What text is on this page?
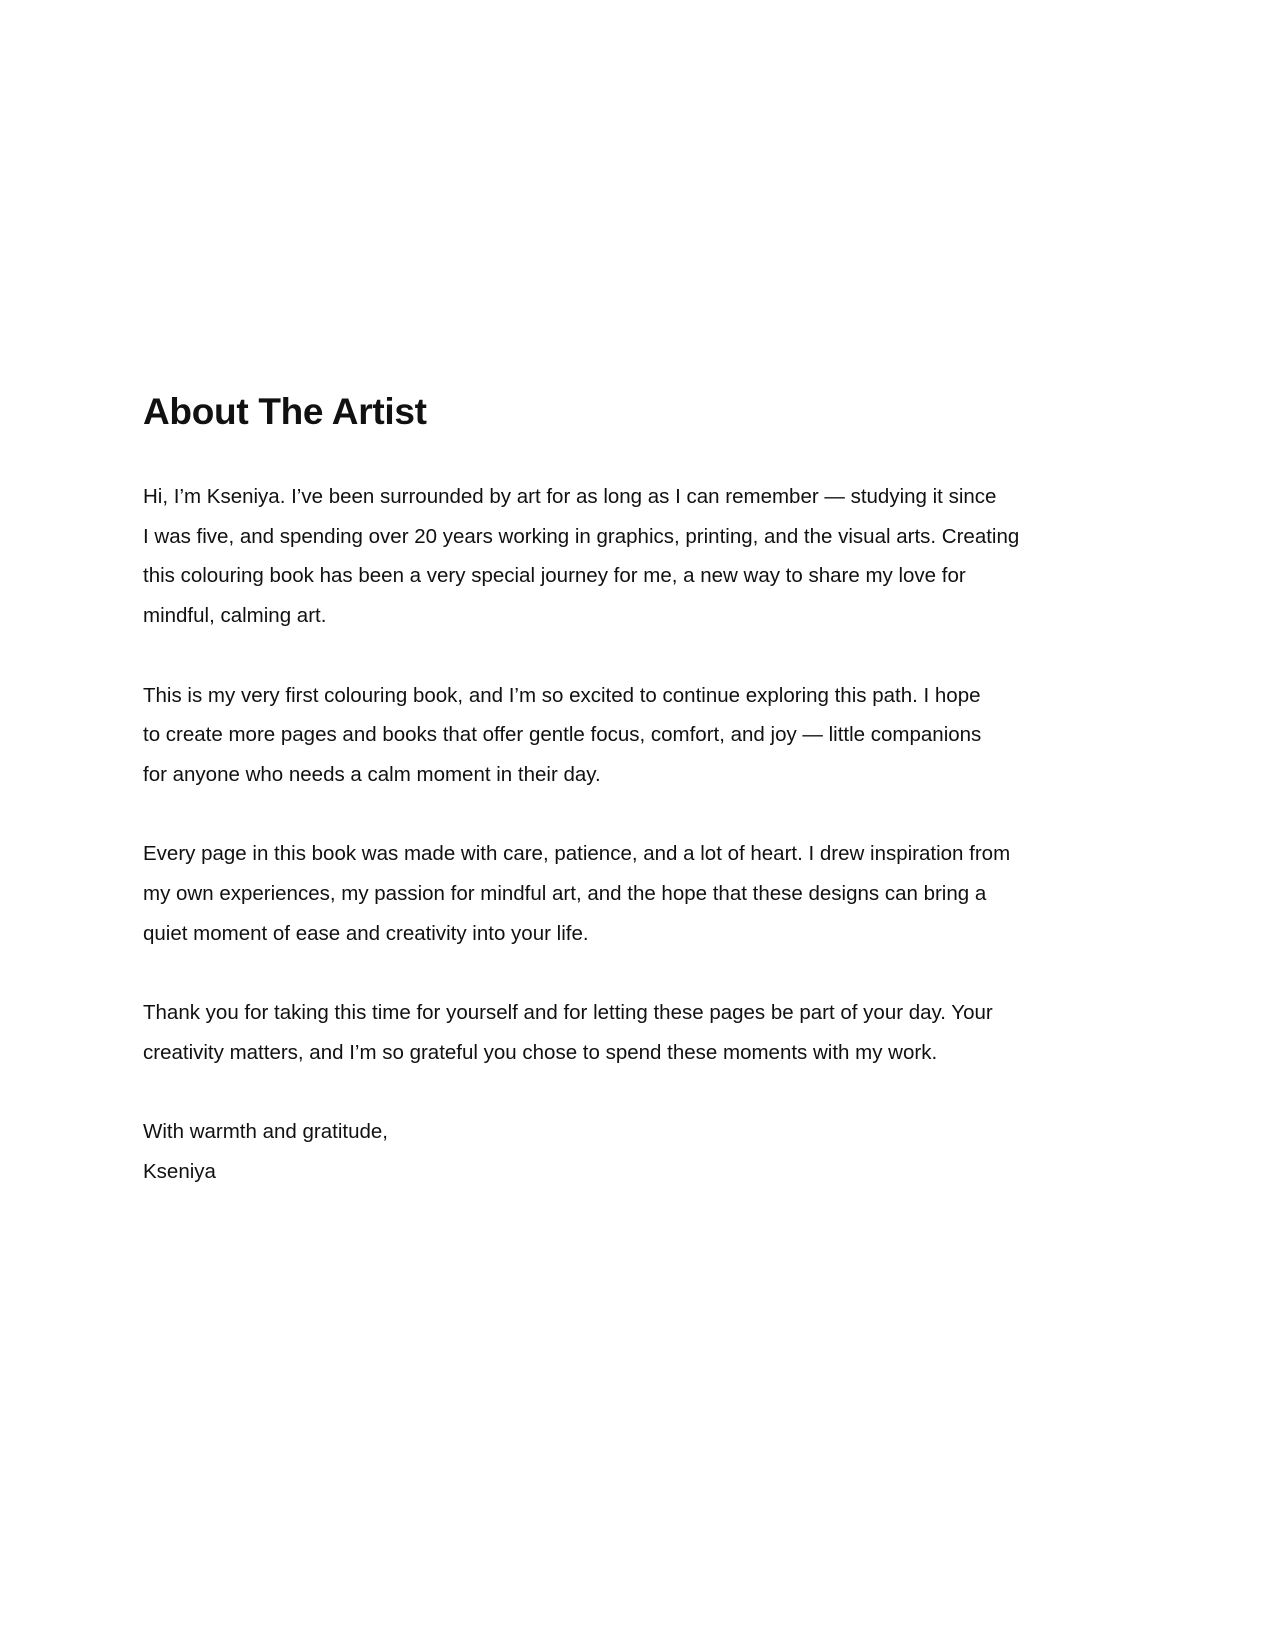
About The Artist

Hi, I’m Kseniya. I’ve been surrounded by art for as long as I can remember — studying it since
I was five, and spending over 20 years working in graphics, printing, and the visual arts. Creating
this colouring book has been a very special journey for me, a new way to share my love for
mindful, calming art.

This is my very first colouring book, and I’m so excited to continue exploring this path. I hope
to create more pages and books that offer gentle focus, comfort, and joy — little companions
for anyone who needs a calm moment in their day.

Every page in this book was made with care, patience, and a lot of heart. I drew inspiration from
my own experiences, my passion for mindful art, and the hope that these designs can bring a
quiet moment of ease and creativity into your life.

Thank you for taking this time for yourself and for letting these pages be part of your day. Your
creativity matters, and I’m so grateful you chose to spend these moments with my work.

With warmth and gratitude,
Kseniya
